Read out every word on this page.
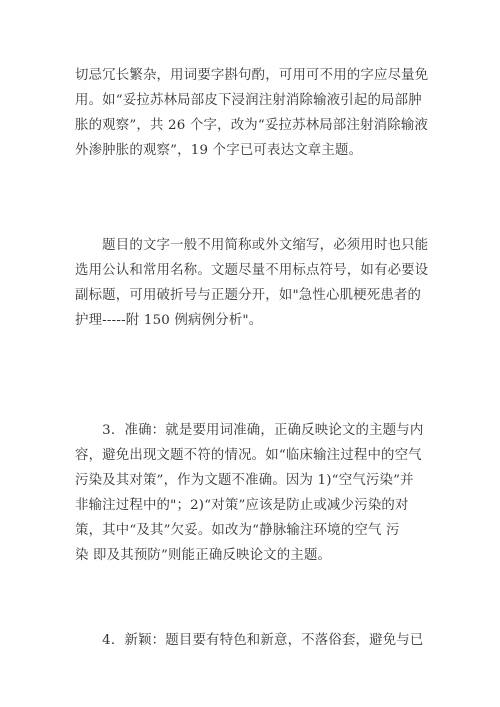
切忌冗长繁杂，用词要字斟句酌，可用可不用的字应尽量免
用。如“妥拉苏林局部皮下浸润注射消除输液引起的局部肿
胀的观察”，共 26 个字，改为“妥拉苏林局部注射消除输液
外渗肿胀的观察”，19 个字已可表达文章主题。

　　题目的文字一般不用简称或外文缩写，必须用时也只能
选用公认和常用名称。文题尽量不用标点符号，如有必要设
副标题，可用破折号与正题分开，如"急性心肌梗死患者的
护理-----附 150 例病例分析"。

　　3．准确：就是要用词准确，正确反映论文的主题与内
容，避免出现文题不符的情况。如“临床输注过程中的空气
污染及其对策”，作为文题不准确。因为 1)“空气污染”并
非输注过程中的"；2)“对策”应该是防止或减少污染的对
策，其中“及其”欠妥。如改为“静脉输注环境的空气 污
染 即及其预防”则能正确反映论文的主题。

　　4．新颖：题目要有特色和新意，不落俗套，避免与已
